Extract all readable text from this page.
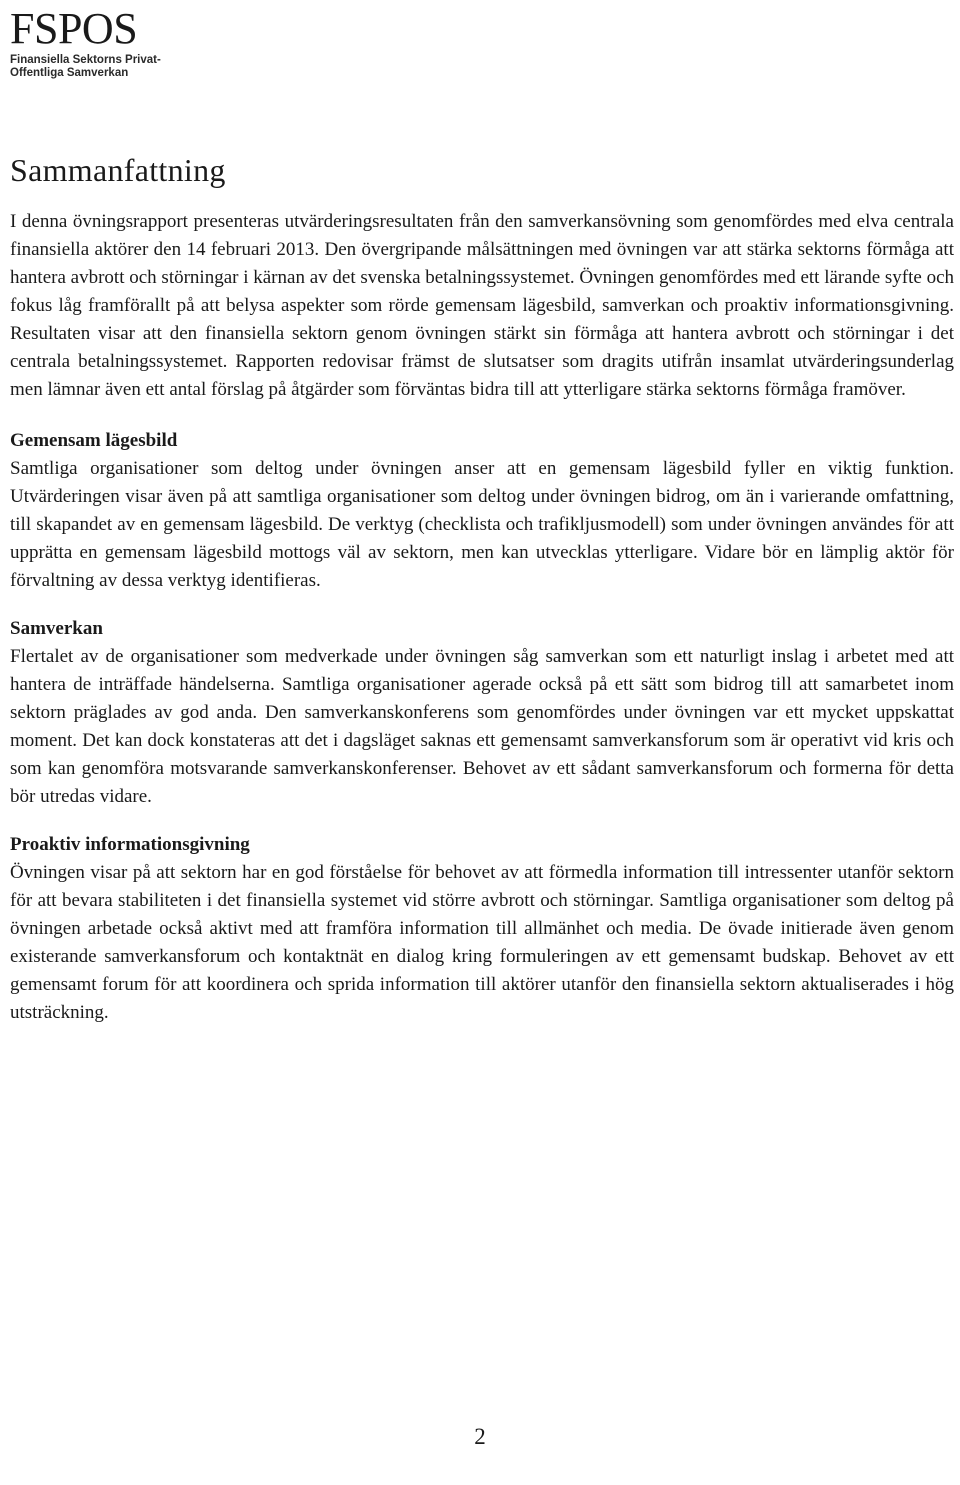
FSPOS
Finansiella Sektorns Privat-
Offentliga Samverkan
Sammanfattning

I denna övningsrapport presenteras utvärderingsresultaten från den samverkansövning som genomfördes med elva centrala finansiella aktörer den 14 februari 2013. Den övergripande målsättningen med övningen var att stärka sektorns förmåga att hantera avbrott och störningar i kärnan av det svenska betalningssystemet. Övningen genomfördes med ett lärande syfte och fokus låg framförallt på att belysa aspekter som rörde gemensam lägesbild, samverkan och proaktiv informationsgivning. Resultaten visar att den finansiella sektorn genom övningen stärkt sin förmåga att hantera avbrott och störningar i det centrala betalningssystemet. Rapporten redovisar främst de slutsatser som dragits utifrån insamlat utvärderingsunderlag men lämnar även ett antal förslag på åtgärder som förväntas bidra till att ytterligare stärka sektorns förmåga framöver.

Gemensam lägesbild

Samtliga organisationer som deltog under övningen anser att en gemensam lägesbild fyller en viktig funktion. Utvärderingen visar även på att samtliga organisationer som deltog under övningen bidrog, om än i varierande omfattning, till skapandet av en gemensam lägesbild. De verktyg (checklista och trafikljusmodell) som under övningen användes för att upprätta en gemensam lägesbild mottogs väl av sektorn, men kan utvecklas ytterligare. Vidare bör en lämplig aktör för förvaltning av dessa verktyg identifieras.

Samverkan

Flertalet av de organisationer som medverkade under övningen såg samverkan som ett naturligt inslag i arbetet med att hantera de inträffade händelserna. Samtliga organisationer agerade också på ett sätt som bidrog till att samarbetet inom sektorn präglades av god anda. Den samverkanskonferens som genomfördes under övningen var ett mycket uppskattat moment. Det kan dock konstateras att det i dagsläget saknas ett gemensamt samverkansforum som är operativt vid kris och som kan genomföra motsvarande samverkanskonferenser. Behovet av ett sådant samverkansforum och formerna för detta bör utredas vidare.

Proaktiv informationsgivning

Övningen visar på att sektorn har en god förståelse för behovet av att förmedla information till intressenter utanför sektorn för att bevara stabiliteten i det finansiella systemet vid större avbrott och störningar. Samtliga organisationer som deltog på övningen arbetade också aktivt med att framföra information till allmänhet och media. De övade initierade även genom existerande samverkansforum och kontaktnät en dialog kring formuleringen av ett gemensamt budskap. Behovet av ett gemensamt forum för att koordinera och sprida information till aktörer utanför den finansiella sektorn aktualiserades i hög utsträckning.

2
